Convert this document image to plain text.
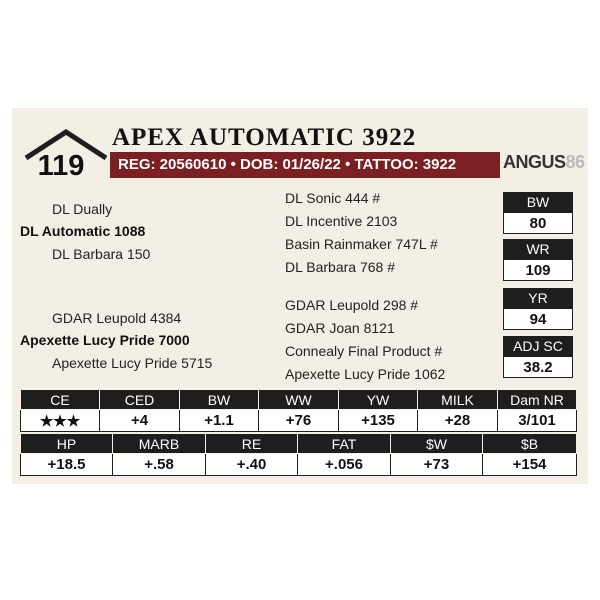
119
APEX AUTOMATIC 3922
REG: 20560610 • DOB: 01/26/22 • TATTOO: 3922	ANGUS86

DL Dually
DL Automatic 1088
DL Barbara 150
GDAR Leupold 4384
Apexette Lucy Pride 7000
Apexette Lucy Pride 5715
DL Sonic 444 #
DL Incentive 2103
Basin Rainmaker 747L #
DL Barbara 768 #
GDAR Leupold 298 #
GDAR Joan 8121
Connealy Final Product #
Apexette Lucy Pride 1062
BW
80
WR
109
YR
94
ADJ SC
38.2
CE	CED	BW	WW	YW	MILK	Dam NR
★★★	+4	+1.1	+76	+135	+28	3/101
HP	MARB	RE	FAT	$W	$B
+18.5	+.58	+.40	+.056	+73	+154
